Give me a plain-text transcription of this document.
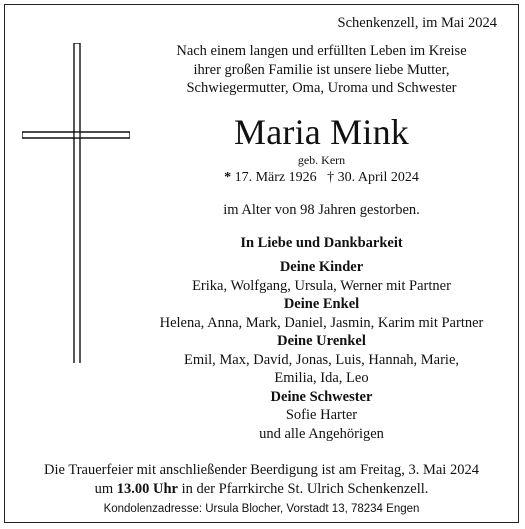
Schenkenzell, im Mai 2024
Nach einem langen und erfüllten Leben im Kreise
ihrer großen Familie ist unsere liebe Mutter,
Schwiegermutter, Oma, Uroma und Schwester
Maria Mink
geb. Kern
* 17. März 1926 † 30. April 2024
im Alter von 98 Jahren gestorben.
In Liebe und Dankbarkeit
Deine Kinder
Erika, Wolfgang, Ursula, Werner mit Partner
Deine Enkel
Helena, Anna, Mark, Daniel, Jasmin, Karim mit Partner
Deine Urenkel
Emil, Max, David, Jonas, Luis, Hannah, Marie,
Emilia, Ida, Leo
Deine Schwester
Sofie Harter
und alle Angehörigen
Die Trauerfeier mit anschließender Beerdigung ist am Freitag, 3. Mai 2024
um 13.00 Uhr in der Pfarrkirche St. Ulrich Schenkenzell.
Kondolenzadresse: Ursula Blocher, Vorstadt 13, 78234 Engen
